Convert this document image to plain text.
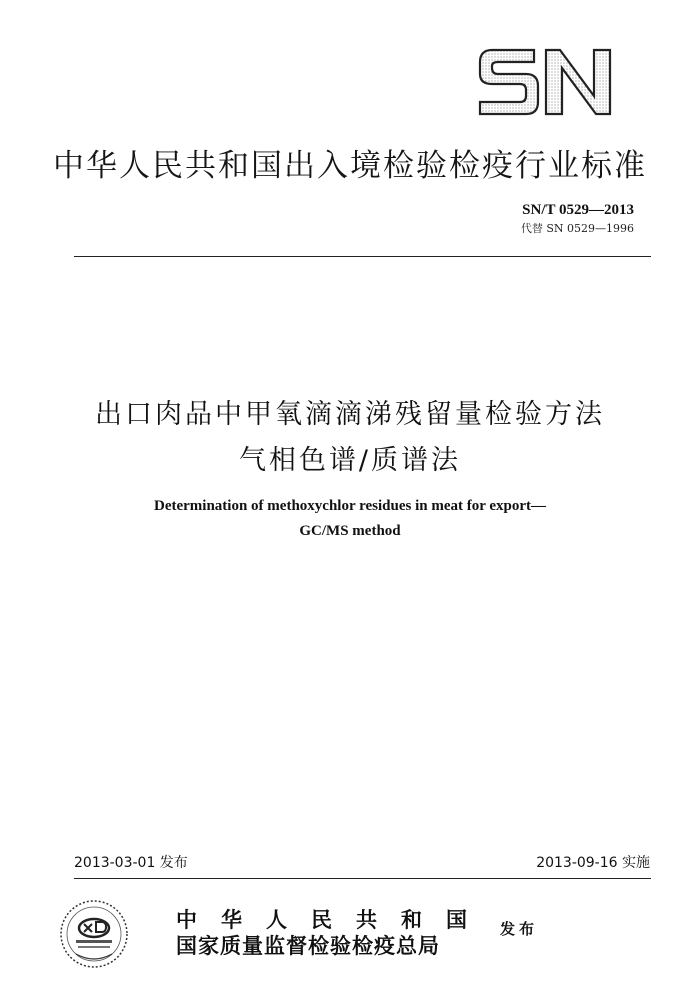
中华人民共和国出入境检验检疫行业标准
SN/T 0529—2013
代替 SN 0529—1996
出口肉品中甲氧滴滴涕残留量检验方法
气相色谱/质谱法
Determination of methoxychlor residues in meat for export—
GC/MS method
2013-03-01 发布	2013-09-16 实施
中华人民共和国
国家质量监督检验检疫总局
发布
